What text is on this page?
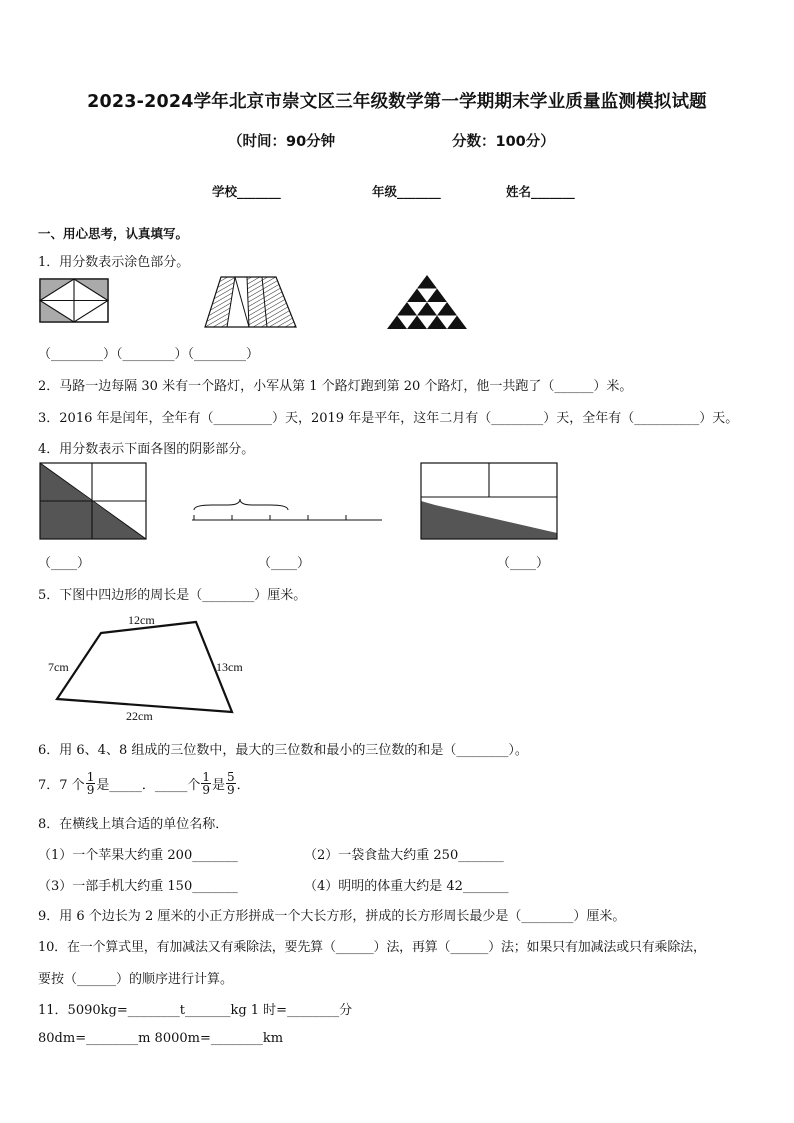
2023-2024学年北京市崇文区三年级数学第一学期期末学业质量监测模拟试题
（时间：90分钟	分数：100分）
学校_______	年级_______	姓名_______
一、用心思考，认真填写。
1．用分数表示涂色部分。
（________）（________）（________）
2．马路一边每隔 30 米有一个路灯，小军从第 1 个路灯跑到第 20 个路灯，他一共跑了（______）米。
3．2016 年是闰年，全年有（_________）天，2019 年是平年，这年二月有（________）天，全年有（__________）天。
4．用分数表示下面各图的阴影部分。
（____）	（____）	（____）
5．下图中四边形的周长是（________）厘米。
12cm
7cm	13cm
22cm
6．用 6、4、8 组成的三位数中，最大的三位数和最小的三位数的和是（________）。
7．7 个 $\frac{1}{9}$ 是_____．_____个 $\frac{1}{9}$ 是 $\frac{5}{9}$ ．
8．在横线上填合适的单位名称．
（1）一个苹果大约重 200_______	（2）一袋食盐大约重 250_______
（3）一部手机大约重 150_______	（4）明明的体重大约是 42_______
9．用 6 个边长为 2 厘米的小正方形拼成一个大长方形，拼成的长方形周长最少是（________）厘米。
10．在一个算式里，有加减法又有乘除法，要先算（______）法，再算（______）法；如果只有加减法或只有乘除法，
要按（______）的顺序进行计算。
11．5090kg=________t_______kg 1 时=________分
80dm=________m 8000m=________km
